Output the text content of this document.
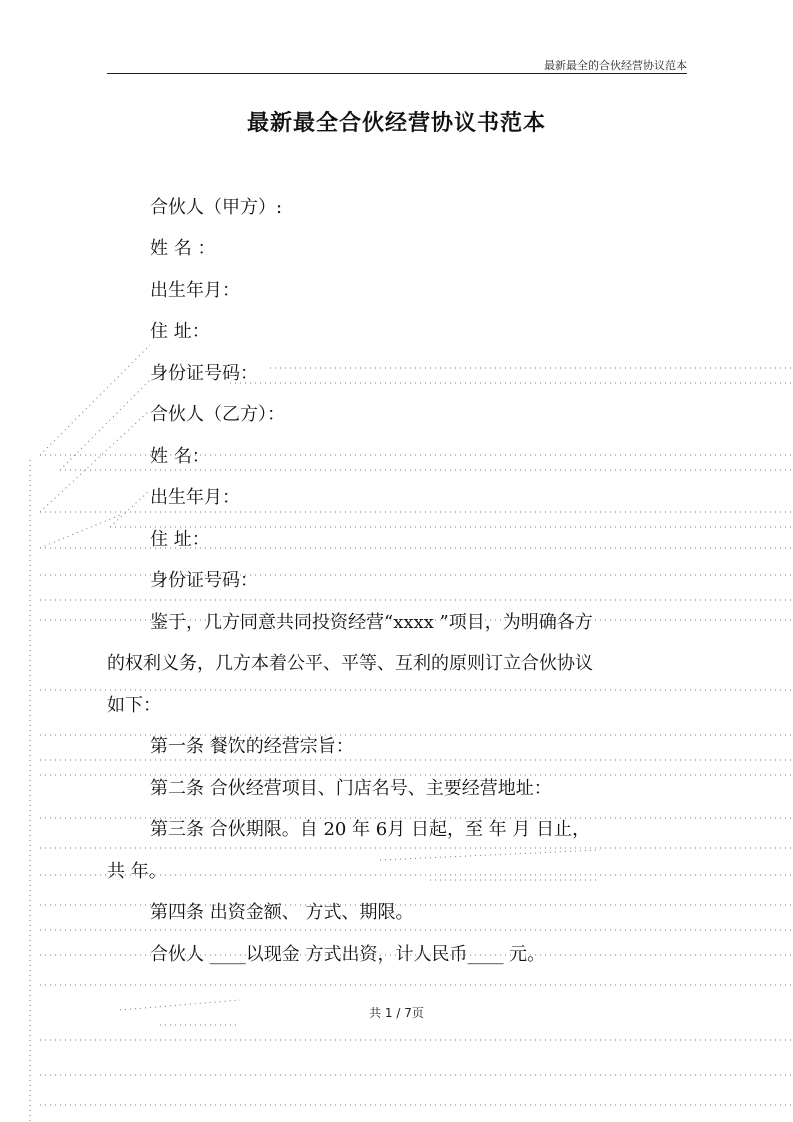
最新最全的合伙经营协议范本
最新最全合伙经营协议书范本
合伙人（甲方）:
姓 名 ：
出生年月：
住 址：
身份证号码：
合伙人（乙方）：
姓 名：
出生年月：
住 址：
身份证号码：
鉴于，几方同意共同投资经营“xxxx ”项目，为明确各方
的权利义务，几方本着公平、平等、互利的原则订立合伙协议
如下：
第一条 餐饮的经营宗旨：
第二条 合伙经营项目、门店名号、主要经营地址：
第三条 合伙期限。自 20 年 6月 日起，至 年 月 日止，
共 年。
第四条 出资金额、 方式、期限。
合伙人 ____以现金 方式出资，计人民币____ 元。
共 1 / 7页
